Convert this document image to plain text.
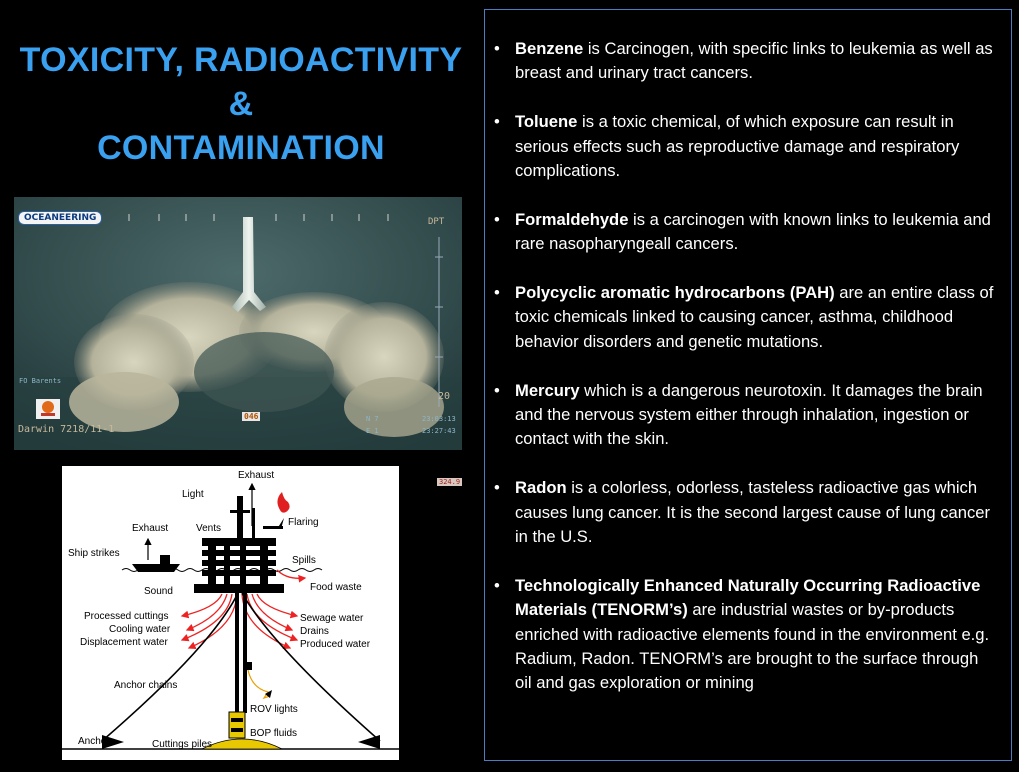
TOXICITY, RADIOACTIVITY
&
CONTAMINATION
OCEANEERING
046
DPT
324.9
FO Barents
Darwin 7218/11-1
N 7	23:03:13
E 1	23:27:43
20
Exhaust
Light
Exhaust	Vents
Flaring
Ship strikes
Spills
Sound	Food waste
Processed cuttings
Cooling water
Displacement water
Sewage water
Drains
Produced water
Anchor chains
ROV lights
BOP fluids
Anchors	Cuttings piles
• Benzene is Carcinogen, with specific links to leukemia as well as breast and urinary tract cancers.
• Toluene is a toxic chemical, of which exposure can result in serious effects such as reproductive damage and respiratory complications.
• Formaldehyde is a carcinogen with known links to leukemia and rare nasopharyngeall cancers.
• Polycyclic aromatic hydrocarbons (PAH) are an entire class of toxic chemicals linked to causing cancer, asthma, childhood behavior disorders and genetic mutations.
• Mercury which is a dangerous neurotoxin. It damages the brain and the nervous system either through inhalation, ingestion or contact with the skin.
• Radon is a colorless, odorless, tasteless radioactive gas which causes lung cancer. It is the second largest cause of lung cancer in the U.S.
• Technologically Enhanced Naturally Occurring Radioactive Materials (TENORM’s) are industrial wastes or by-products enriched with radioactive elements found in the environment e.g. Radium, Radon. TENORM’s are brought to the surface through oil and gas exploration or mining
